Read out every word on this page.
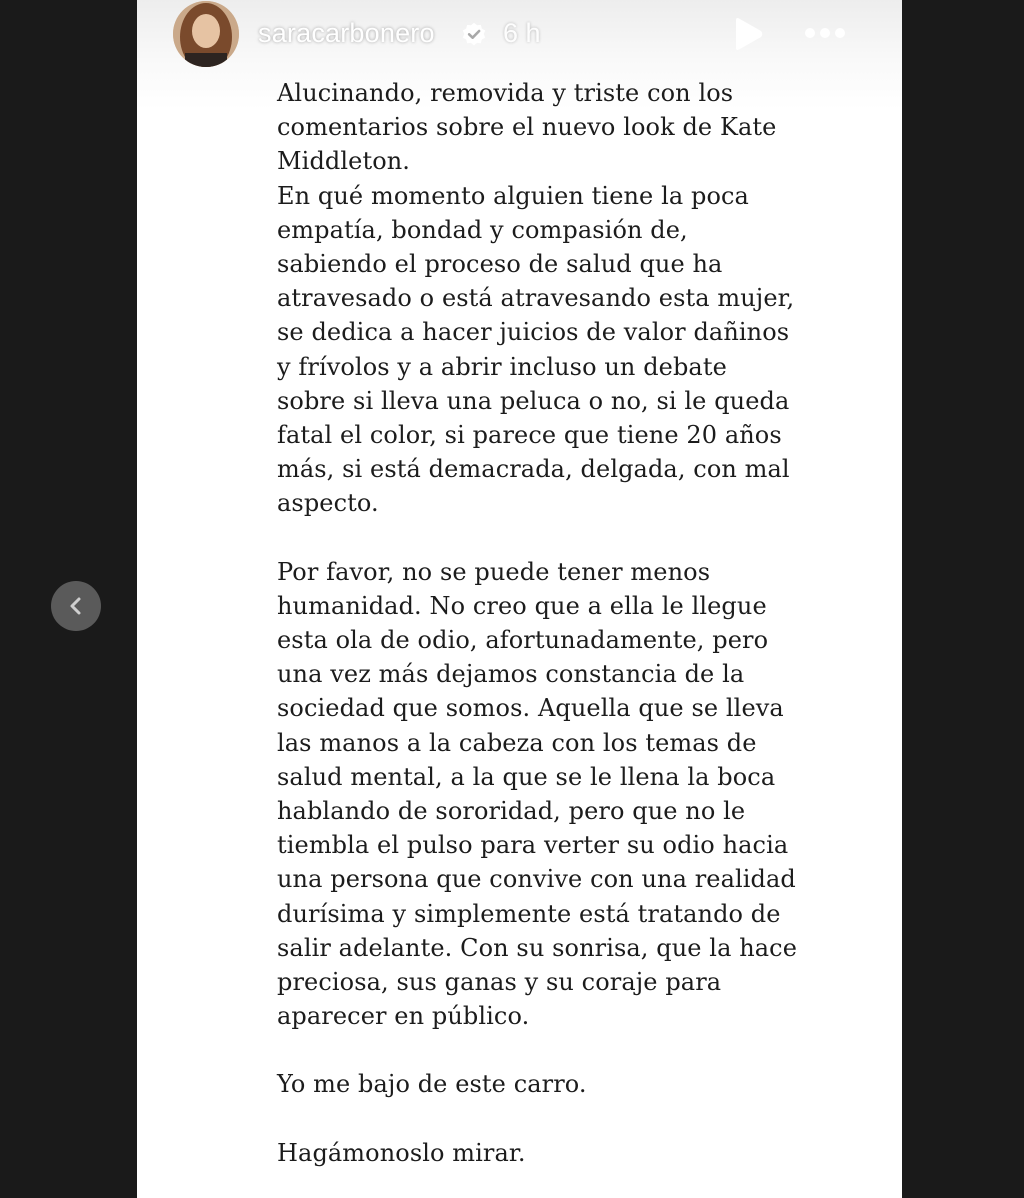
saracarbonero	6 h
Alucinando, removida y triste con los
comentarios sobre el nuevo look de Kate
Middleton.
En qué momento alguien tiene la poca
empatía, bondad y compasión de,
sabiendo el proceso de salud que ha
atravesado o está atravesando esta mujer,
se dedica a hacer juicios de valor dañinos
y frívolos y a abrir incluso un debate
sobre si lleva una peluca o no, si le queda
fatal el color, si parece que tiene 20 años
más, si está demacrada, delgada, con mal
aspecto.
Por favor, no se puede tener menos
humanidad. No creo que a ella le llegue
esta ola de odio, afortunadamente, pero
una vez más dejamos constancia de la
sociedad que somos. Aquella que se lleva
las manos a la cabeza con los temas de
salud mental, a la que se le llena la boca
hablando de sororidad, pero que no le
tiembla el pulso para verter su odio hacia
una persona que convive con una realidad
durísima y simplemente está tratando de
salir adelante. Con su sonrisa, que la hace
preciosa, sus ganas y su coraje para
aparecer en público.
Yo me bajo de este carro.
Hagámonoslo mirar.
